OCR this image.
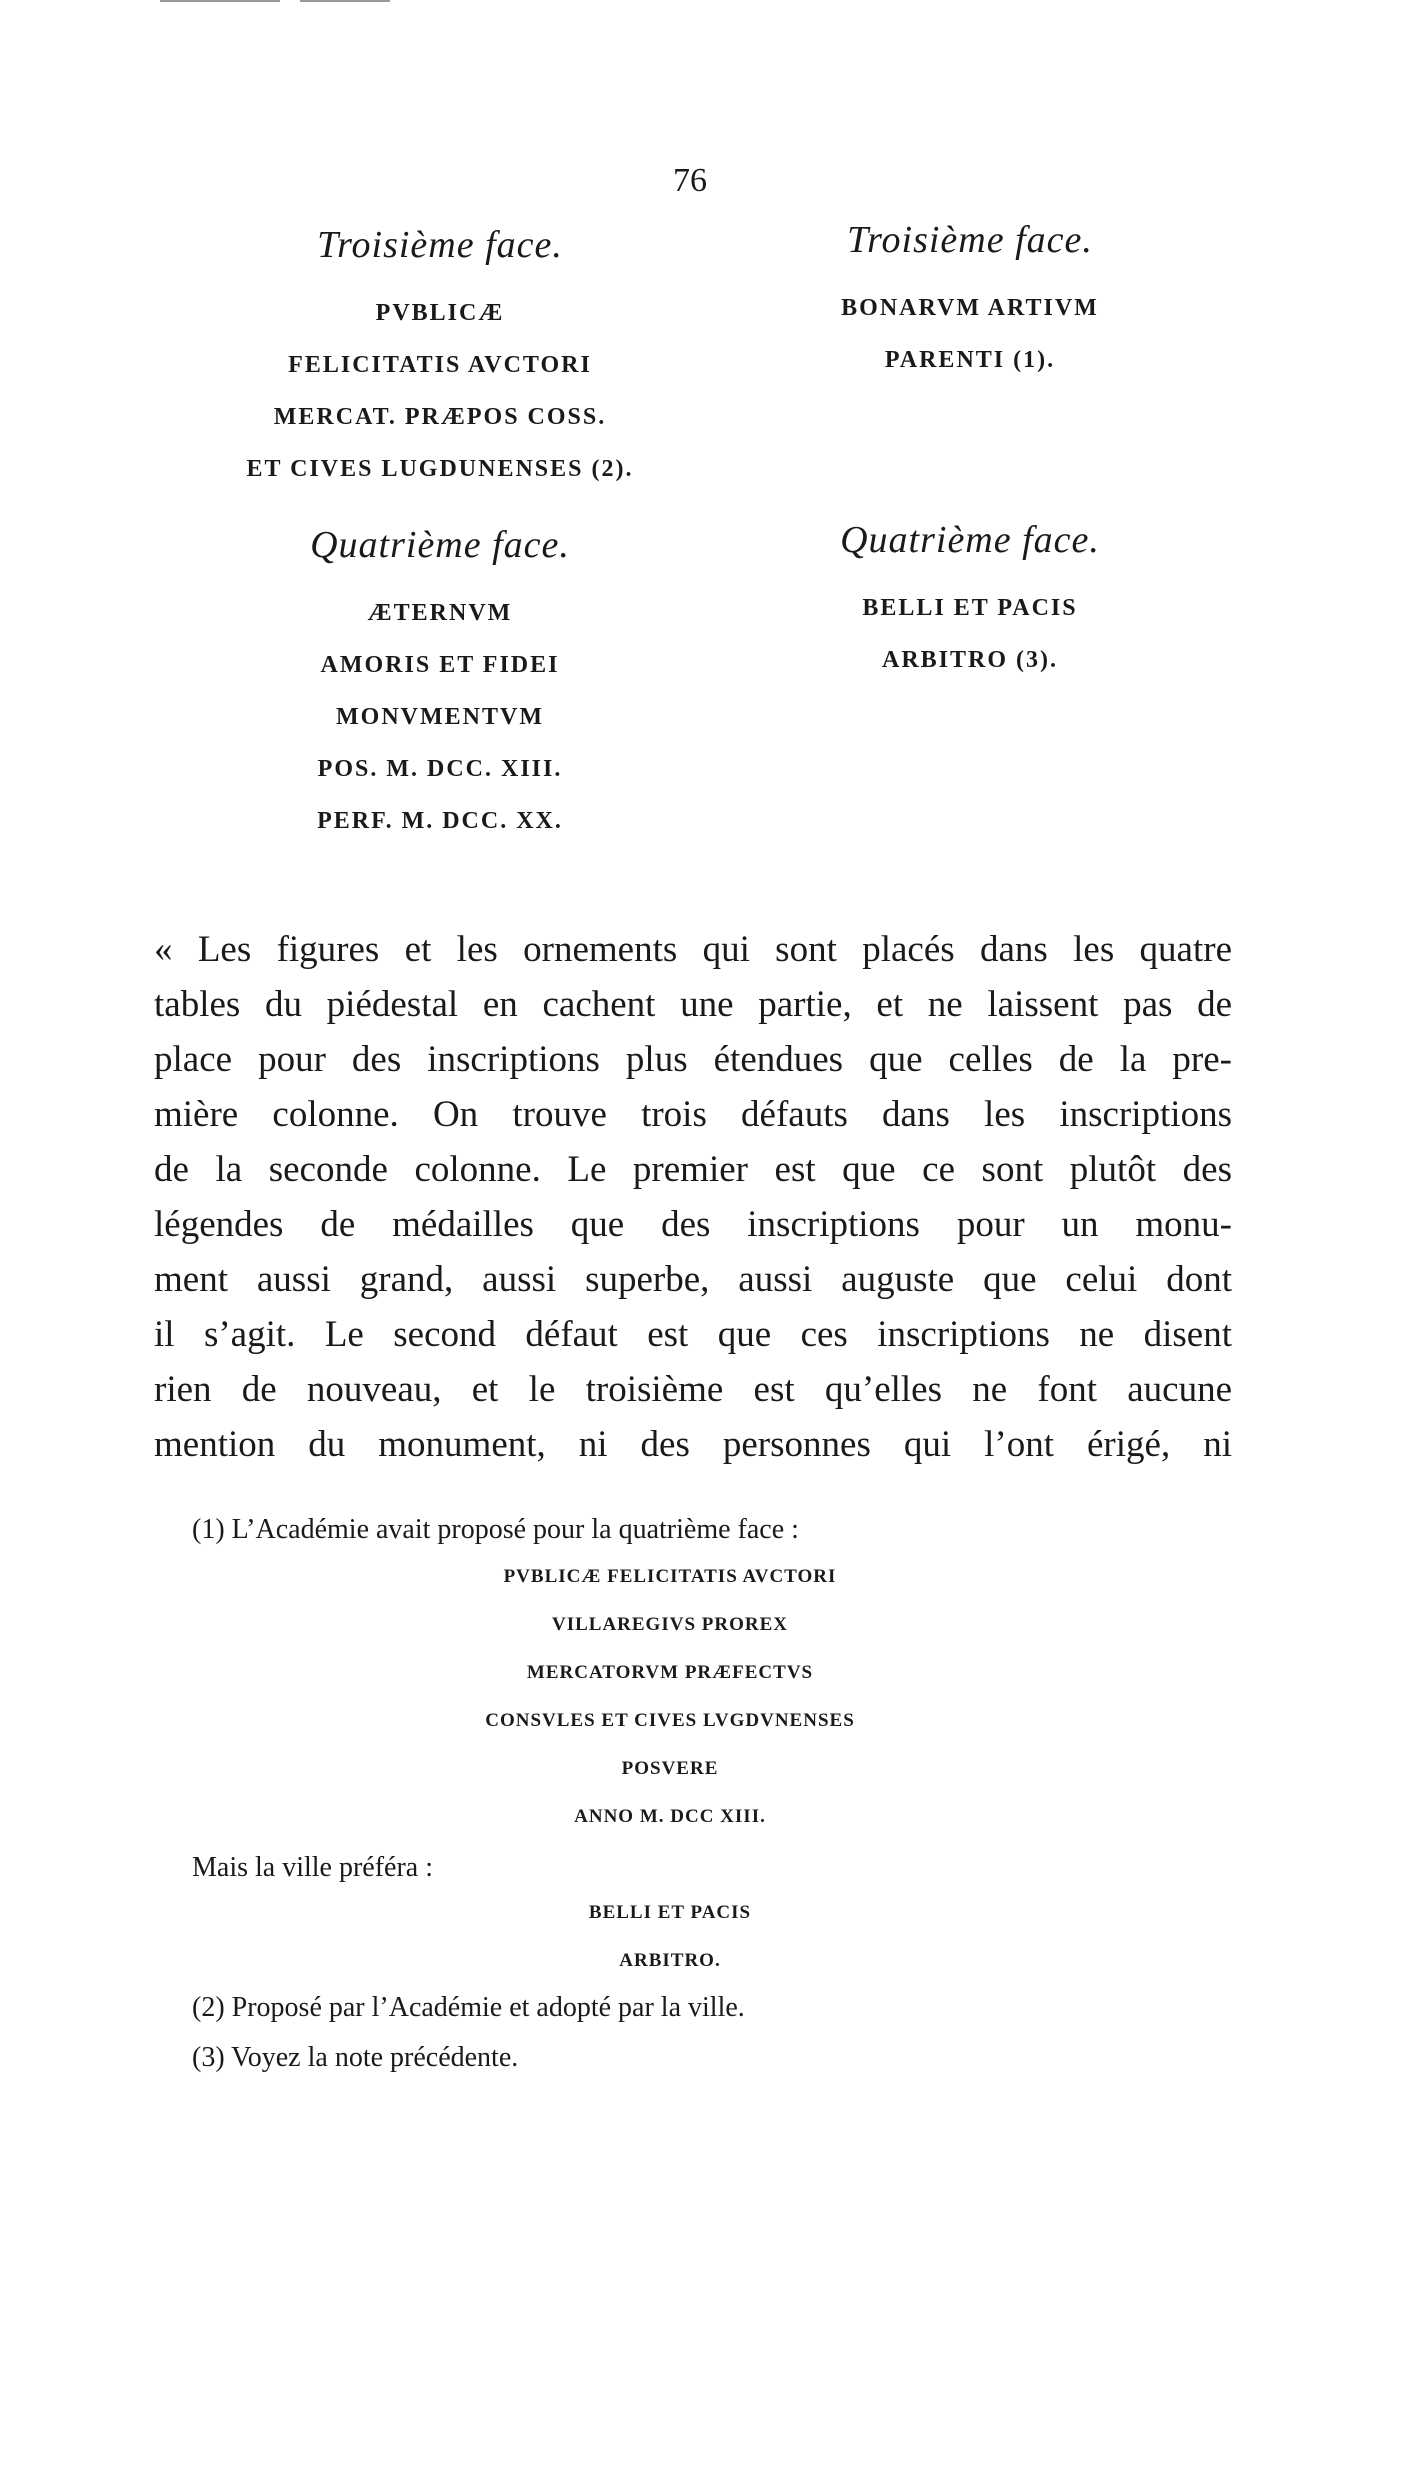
76

Troisième face.

PVBLICÆ

FELICITATIS AVCTORI

MERCAT. PRÆPOS COSS.

ET CIVES LUGDUNENSES (2).

Quatrième face.

ÆTERNVM

AMORIS ET FIDEI

MONVMENTVM

POS. M. DCC. XIII.

PERF. M. DCC. XX.

Troisième face.

BONARVM ARTIVM

PARENTI (1).

Quatrième face.

BELLI ET PACIS

ARBITRO (3).

« Les figures et les ornements qui sont placés dans les quatre
tables du piédestal en cachent une partie, et ne laissent pas de
place pour des inscriptions plus étendues que celles de la pre-
mière colonne. On trouve trois défauts dans les inscriptions
de la seconde colonne. Le premier est que ce sont plutôt des
légendes de médailles que des inscriptions pour un monu-
ment aussi grand, aussi superbe, aussi auguste que celui dont
il s’agit. Le second défaut est que ces inscriptions ne disent
rien de nouveau, et le troisième est qu’elles ne font aucune
mention du monument, ni des personnes qui l’ont érigé, ni

(1) L’Académie avait proposé pour la quatrième face :

PVBLICÆ FELICITATIS AVCTORI

VILLAREGIVS PROREX

MERCATORVM PRÆFECTVS

CONSVLES ET CIVES LVGDVNENSES

POSVERE

ANNO M. DCC XIII.

Mais la ville préféra :

BELLI ET PACIS

ARBITRO.

(2) Proposé par l’Académie et adopté par la ville.

(3) Voyez la note précédente.
